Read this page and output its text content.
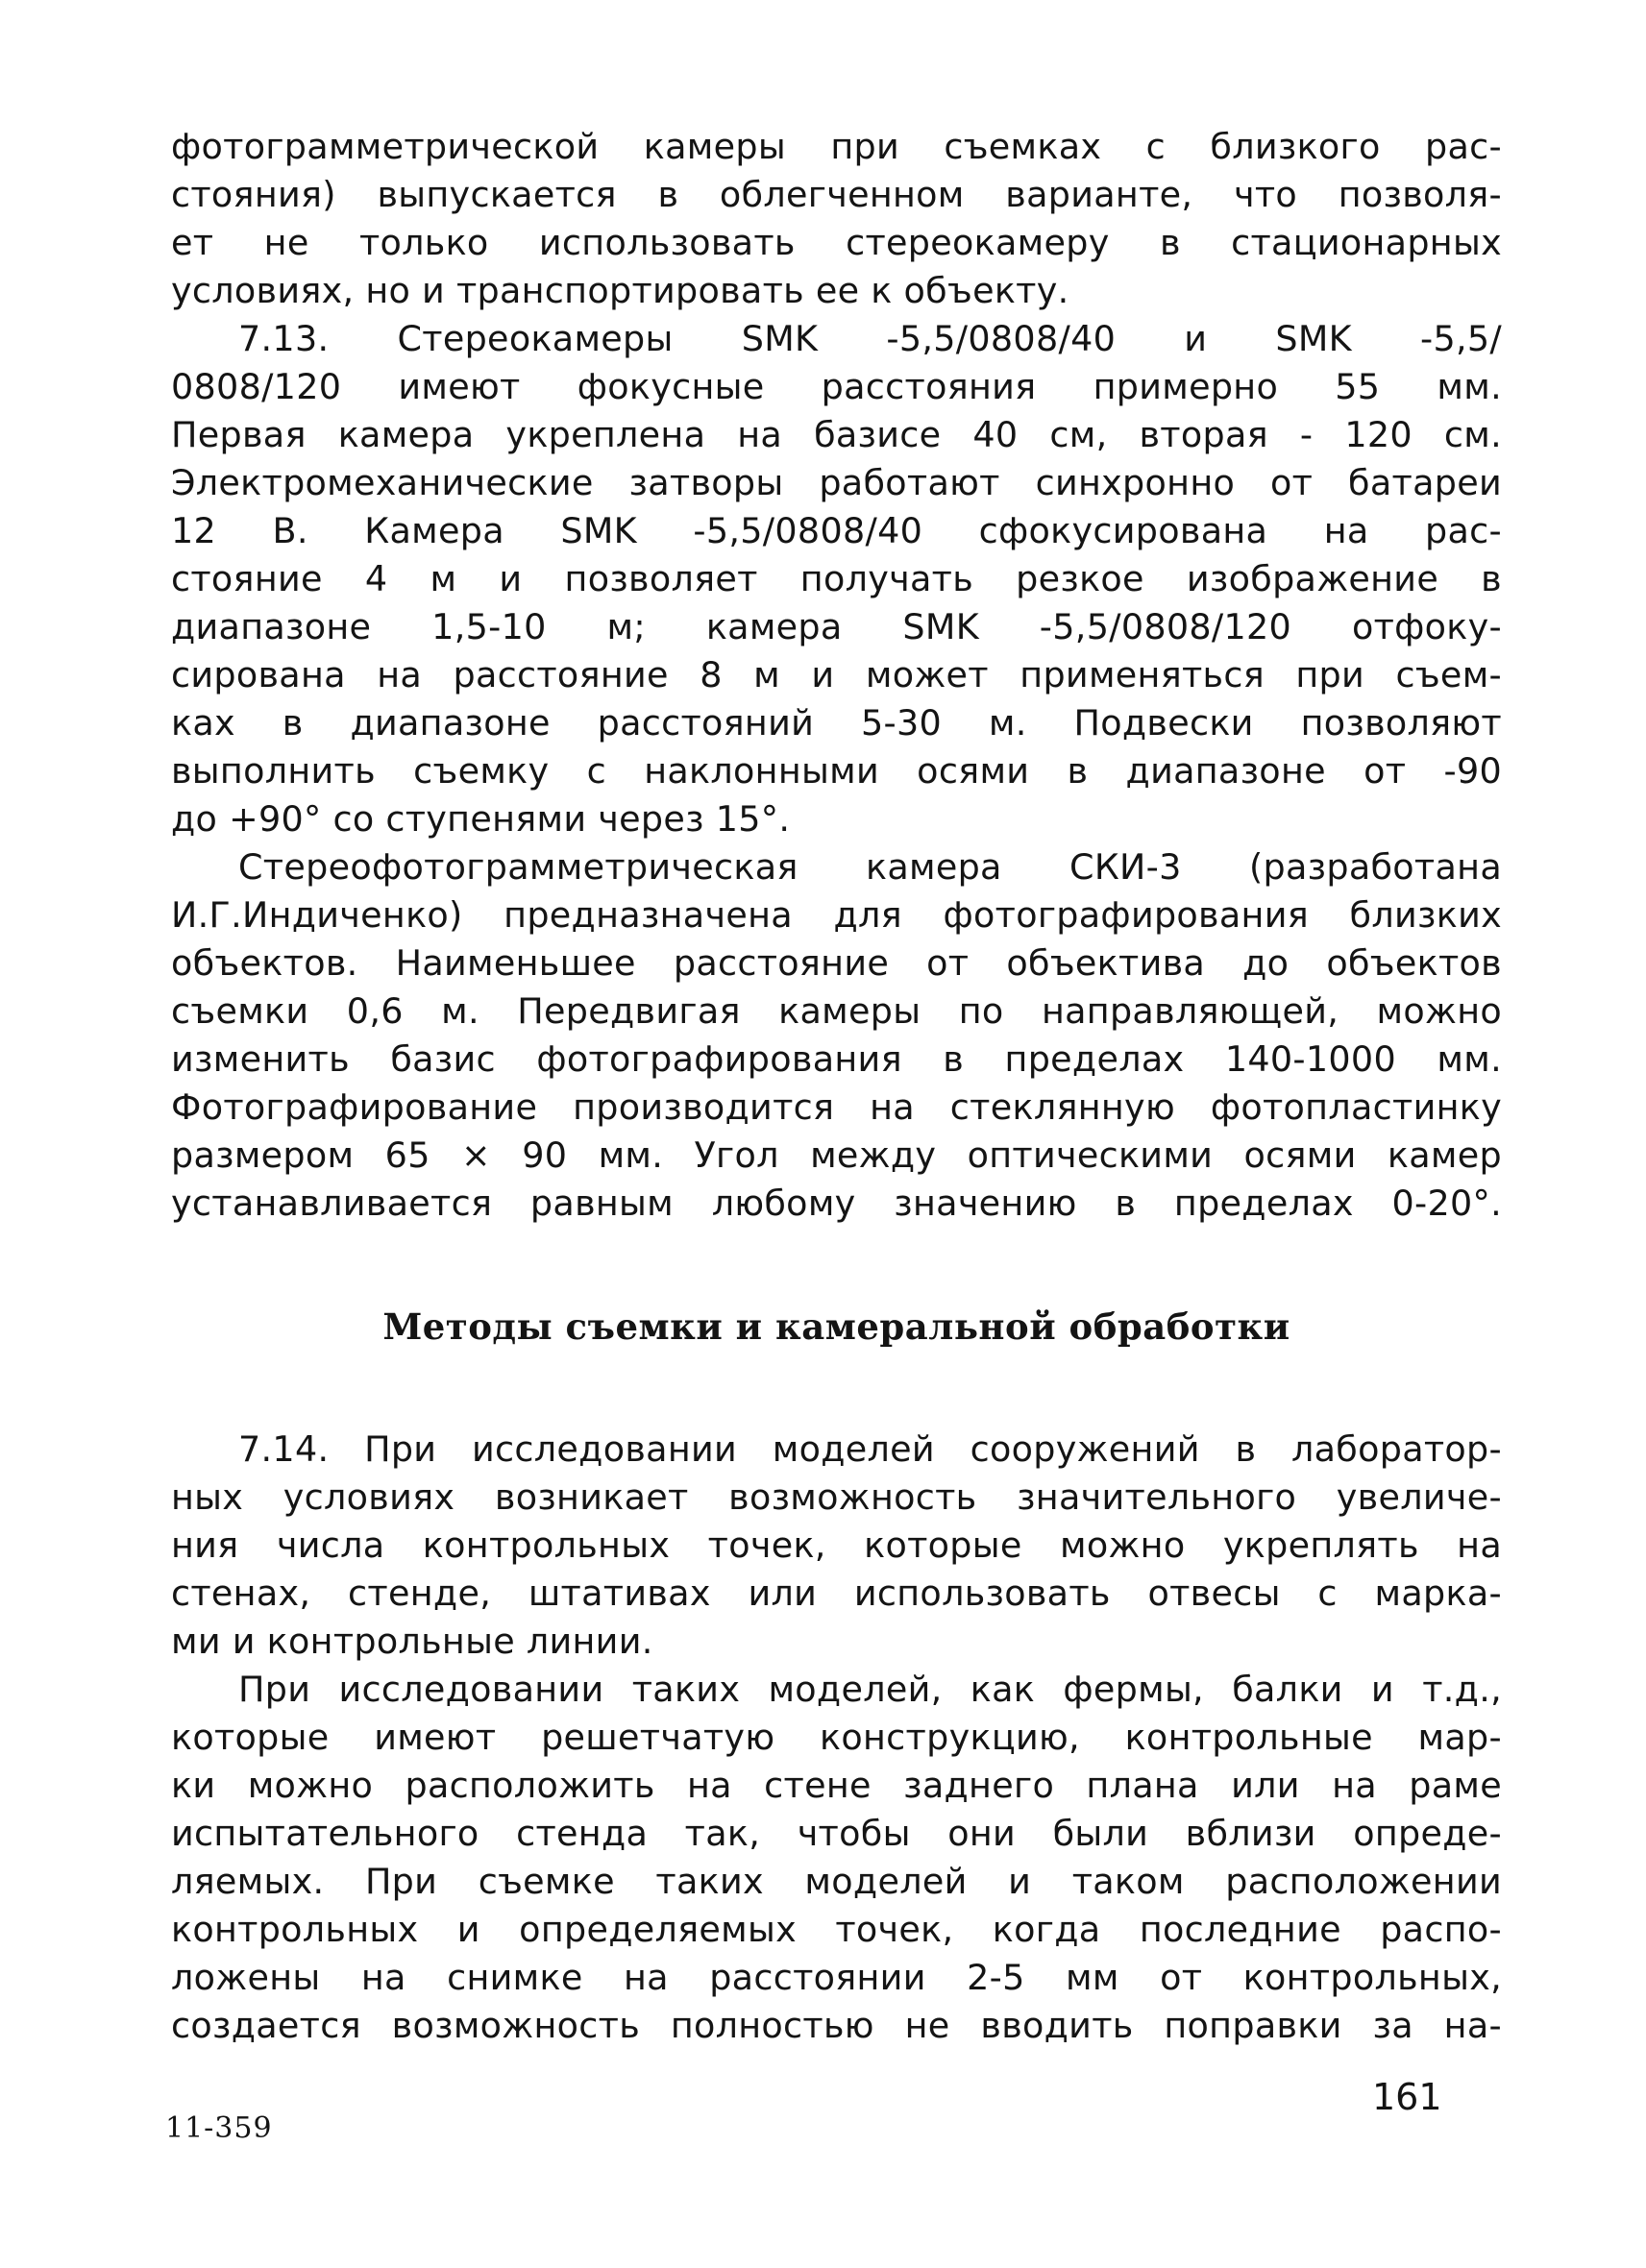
фотограмметрической камеры при съемках с близкого рас-
стояния) выпускается в облегченном варианте, что позволя-
ет не только использовать стереокамеру в стационарных
условиях, но и транспортировать ее к объекту.
7.13. Стереокамеры SMK -5,5/0808/40 и SMK -5,5/
0808/120 имеют фокусные расстояния примерно 55 мм.
Первая камера укреплена на базисе 40 см, вторая - 120 см.
Электромеханические затворы работают синхронно от батареи
12 В. Камера SMK -5,5/0808/40 сфокусирована на рас-
стояние 4 м и позволяет получать резкое изображение в
диапазоне 1,5-10 м; камера SMK -5,5/0808/120 отфоку-
сирована на расстояние 8 м и может применяться при съем-
ках в диапазоне расстояний 5-30 м. Подвески позволяют
выполнить съемку с наклонными осями в диапазоне от -90
до +90° со ступенями через 15°.
Стереофотограмметрическая камера СКИ-3 (разработана
И.Г.Индиченко) предназначена для фотографирования близких
объектов. Наименьшее расстояние от объектива до объектов
съемки 0,6 м. Передвигая камеры по направляющей, можно
изменить базис фотографирования в пределах 140-1000 мм.
Фотографирование производится на стеклянную фотопластинку
размером 65 × 90 мм. Угол между оптическими осями камер
устанавливается равным любому значению в пределах 0-20°.
Методы съемки и камеральной обработки
7.14. При исследовании моделей сооружений в лаборатор-
ных условиях возникает возможность значительного увеличе-
ния числа контрольных точек, которые можно укреплять на
стенах, стенде, штативах или использовать отвесы с марка-
ми и контрольные линии.
При исследовании таких моделей, как фермы, балки и т.д.,
которые имеют решетчатую конструкцию, контрольные мар-
ки можно расположить на стене заднего плана или на раме
испытательного стенда так, чтобы они были вблизи опреде-
ляемых. При съемке таких моделей и таком расположении
контрольных и определяемых точек, когда последние распо-
ложены на снимке на расстоянии 2-5 мм от контрольных,
создается возможность полностью не вводить поправки за на-
11-359
161
